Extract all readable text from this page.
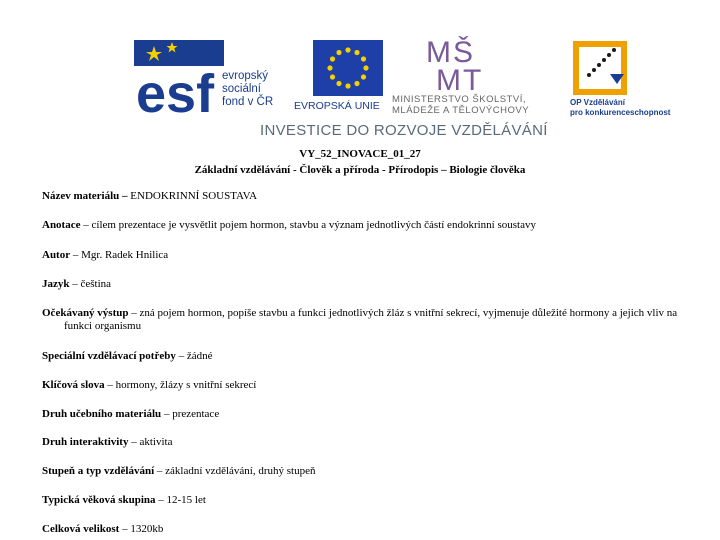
esf evropský
sociální
fond v ČR EVROPSKÁ UNIE
MŠ
MT
MINISTERSTVO ŠKOLSTVÍ,
MLÁDEŽE A TĚLOVÝCHOVY
OP Vzdělávání
pro konkurenceschopnost
INVESTICE DO ROZVOJE VZDĚLÁVÁNÍ
VY_52_INOVACE_01_27
Základní vzdělávání - Člověk a příroda - Přírodopis – Biologie člověka
Název materiálu – ENDOKRINNÍ SOUSTAVA
Anotace – cílem prezentace je vysvětlit pojem hormon, stavbu a význam jednotlivých částí endokrinní soustavy
Autor – Mgr. Radek Hnilica
Jazyk – čeština
Očekávaný výstup – zná pojem hormon, popíše stavbu a funkci jednotlivých žláz s vnitřní sekrecí, vyjmenuje důležité hormony a jejich vliv na funkci organismu
Speciální vzdělávací potřeby – žádné
Klíčová slova – hormony, žlázy s vnitřní sekrecí
Druh učebního materiálu – prezentace
Druh interaktivity – aktivita
Stupeň a typ vzdělávání – základní vzdělávání, druhý stupeň
Typická věková skupina – 12-15 let
Celková velikost – 1320kb
